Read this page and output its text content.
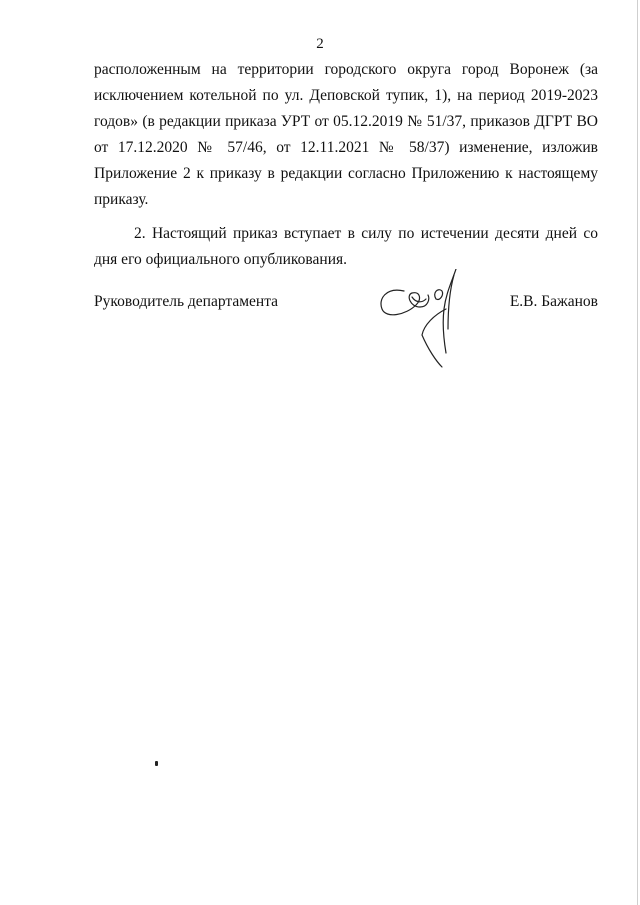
2

расположенным на территории городского округа город Воронеж (за исключением котельной по ул. Деповской тупик, 1), на период 2019-2023 годов» (в редакции приказа УРТ от 05.12.2019 № 51/37, приказов ДГРТ ВО от 17.12.2020 № 57/46, от 12.11.2021 № 58/37) изменение, изложив Приложение 2 к приказу в редакции согласно Приложению к настоящему приказу.

2. Настоящий приказ вступает в силу по истечении десяти дней со дня его официального опубликования.

Руководитель департамента	Е.В. Бажанов
